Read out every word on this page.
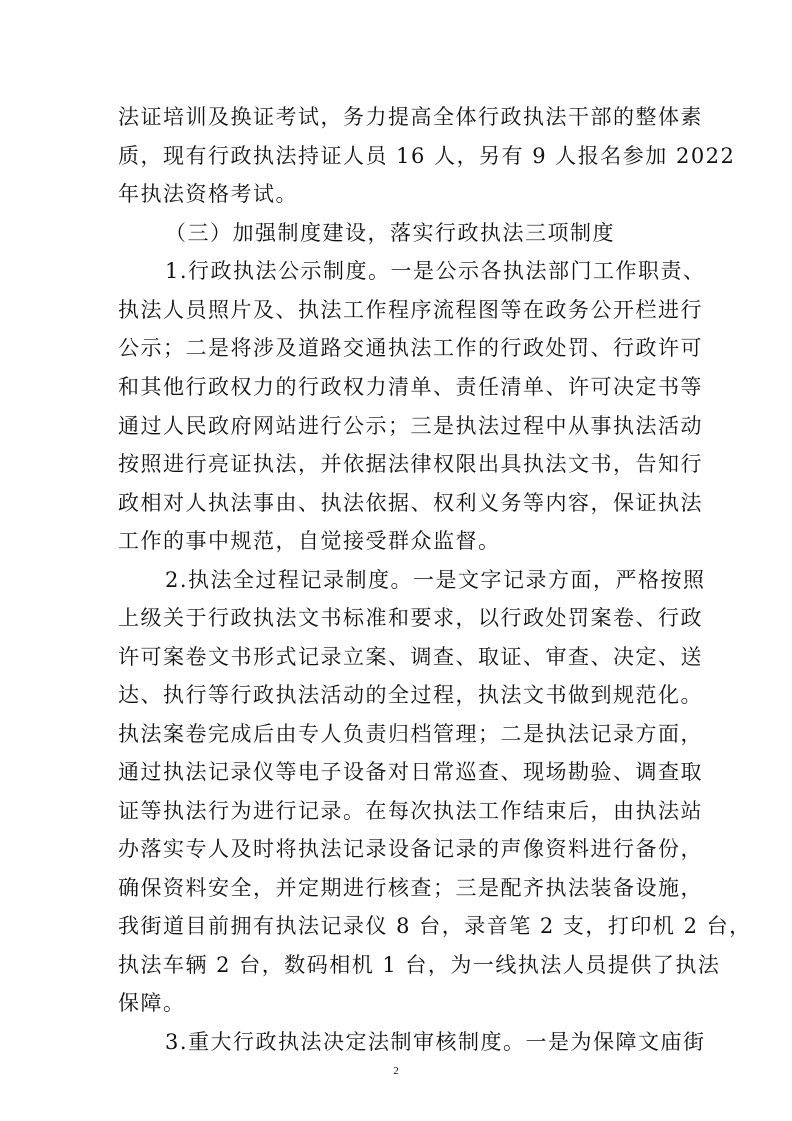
法证培训及换证考试，务力提高全体行政执法干部的整体素
质，现有行政执法持证人员 16 人，另有 9 人报名参加 2022
年执法资格考试。
（三）加强制度建设，落实行政执法三项制度
1.行政执法公示制度。一是公示各执法部门工作职责、
执法人员照片及、执法工作程序流程图等在政务公开栏进行
公示；二是将涉及道路交通执法工作的行政处罚、行政许可
和其他行政权力的行政权力清单、责任清单、许可决定书等
通过人民政府网站进行公示；三是执法过程中从事执法活动
按照进行亮证执法，并依据法律权限出具执法文书，告知行
政相对人执法事由、执法依据、权利义务等内容，保证执法
工作的事中规范，自觉接受群众监督。
2.执法全过程记录制度。一是文字记录方面，严格按照
上级关于行政执法文书标准和要求，以行政处罚案卷、行政
许可案卷文书形式记录立案、调查、取证、审查、决定、送
达、执行等行政执法活动的全过程，执法文书做到规范化。
执法案卷完成后由专人负责归档管理；二是执法记录方面，
通过执法记录仪等电子设备对日常巡查、现场勘验、调查取
证等执法行为进行记录。在每次执法工作结束后，由执法站
办落实专人及时将执法记录设备记录的声像资料进行备份，
确保资料安全，并定期进行核查；三是配齐执法装备设施，
我街道目前拥有执法记录仪 8 台，录音笔 2 支，打印机 2 台，
执法车辆 2 台，数码相机 1 台，为一线执法人员提供了执法
保障。
3.重大行政执法决定法制审核制度。一是为保障文庙街
2
